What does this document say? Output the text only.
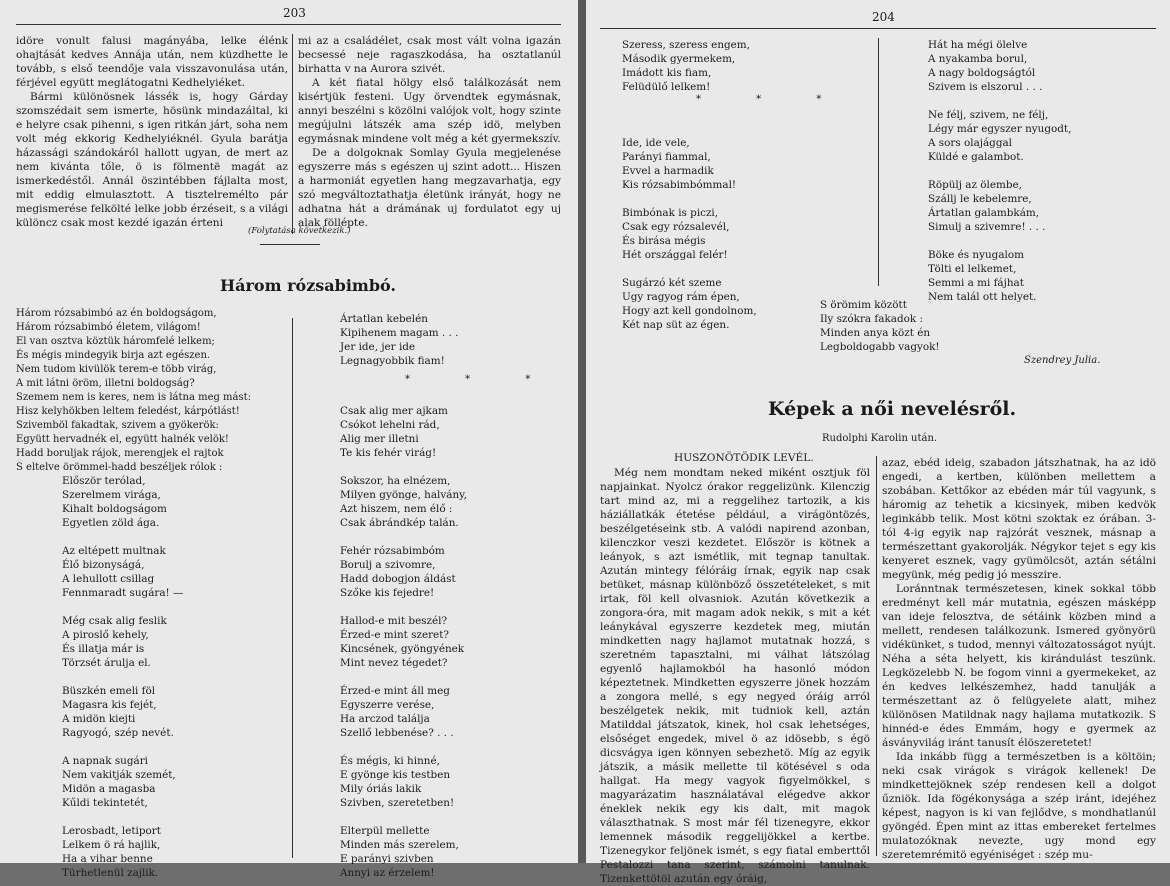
203

idöre vonult falusi magányába, lelke élénk ohajtását kedves Annája után, nem küzdhette le tovább, s első teendője vala visszavonulása után, férjével együtt meglátogatni Kedhelyiéket.

Bármi különösnek lássék is, hogy Gárday szomszédait sem ismerte, hösünk mindazáltal, ki e helyre csak pihenni, s igen ritkán járt, soha nem volt még ekkorig Kedhelyiéknél. Gyula barátja házassági szándokáról hallott ugyan, de mert az nem kivánta tőle, ö is fölmentë magát az ismerkedéstől. Annál öszintébben fájlalta most, mit eddig elmulasztott. A tisztelremélto pár megismerése felkölté lelke jobb érzéseit, s a világi különcz csak most kezdé igazán érteni

mi az a családélet, csak most vált volna igazán becsessé neje ragaszkodása, ha osztatlanúl birhatta v na Aurora szivét.

A két fiatal hölgy első találkozását nem kisértjük festeni. Ugy örvendtek egymásnak, annyi beszélni s közölni valójok volt, hogy szinte megújulni látszék ama szép idö, melyben egymásnak mindene volt még a két gyermekszív.

De a dolgoknak Somlay Gyula megjelenése egyszerre más s egészen uj szint adott... Hiszen a harmoniát egyetlen hang megzavarhatja, egy szó megváltoztathatja életünk irányát, hogy ne adhatna hát a drámának uj fordulatot egy uj alak föllépte.

(Folytatása következik.)
Három rózsabimbó.
Három rózsabimbó az én boldogságom,
Három rózsabimbó életem, világom!
El van osztva köztük háromfelé lelkem;
És mégis mindegyik birja azt egészen.
Nem tudom kivülök terem-e több virág,
A mit látni öröm, illetni boldogság?
Szemem nem is keres, nem is látna meg mást:
Hisz kelyhökben leltem feledést, kárpótlást!
Szivemböl fakadtak, szivem a gyökerök:
Együtt hervadnék el, együtt halnék velök!
Hadd boruljak rájok, merengjek el rajtok
S eltelve örömmel-hadd beszéljek rólok :
Először terólad,
Szerelmem virága,
Kihalt boldogságom
Egyetlen zöld ága.

Az eltépett multnak
Élő bizonyságá,
A lehullott csillag
Fennmaradt sugára! —

Még csak alig feslik
A piroslő kehely,
És illatja már is
Törzsét árulja el.

Büszkén emeli föl
Magasra kis fejét,
A midön kiejti
Ragyogó, szép nevét.

A napnak sugári
Nem vakitják szemét,
Midön a magasba
Kűldi tekintetét,

Lerosbadt, letiport
Lelkem ö rá hajlik,
Ha a vihar benne
Türhetlenül zajlik.
Ártatlan kebelén
Kipihenem magam . . .
Jer ide, jer ide
Legnagyobbik fiam!
* * *
Csak alig mer ajkam
Csókot lehelni rád,
Alig mer illetni
Te kis fehér virág!

Sokszor, ha elnézem,
Milyen gyönge, halvány,
Azt hiszem, nem élő :
Csak ábrándkép talán.

Fehér rózsabimbóm
Borulj a szivomre,
Hadd dobogjon áldást
Szőke kis fejedre!

Hallod-e mit beszél?
Érzed-e mint szeret?
Kincsének, gyöngyének
Mint nevez tégedet?

Érzed-e mint áll meg
Egyszerre verése,
Ha arczod találja
Szellő lebbenése? . . .

És mégis, ki hinné,
E gyönge kis testben
Mily óriás lakik
Szivben, szeretetben!

Elterpül mellette
Minden más szerelem,
E parányi szivben
Annyi az érzelem!
204
Szeress, szeress engem,
Második gyermekem,
Imádott kis fiam,
Felüdülő lelkem!

Ide, ide vele,
Parányi fiammal,
Evvel a harmadik
Kis rózsabimbómmal!

Bimbónak is piczi,
Csak egy rózsalevél,
És birása mégis
Hét országgal felér!

Sugárzó két szeme
Ugy ragyog rám épen,
Hogy azt kell gondolnom,
Két nap süt az égen.
* * *
Hát ha mégi ölelve
A nyakamba borul,
A nagy boldogságtól
Szivem is elszorul . . .

Ne félj, szivem, ne félj,
Légy már egyszer nyugodt,
A sors olajággal
Küldé e galambot.

Röpülj az ölembe,
Szállj le kebelemre,
Ártatlan galambkám,
Simulj a szivemre! . . .

Böke és nyugalom
Tölti el lelkemet,
Semmi a mi fájhat
Nem talál ott helyet.
S örömim között
Ily szókra fakadok :
Minden anya közt én
Legboldogabb vagyok!
Szendrey Julia.
Képek a női nevelésről.
Rudolphi Karolin után.
HUSZONÖTÖDIK LEVÉL.

Még nem mondtam neked miként osztjuk föl napjainkat. Nyolcz órakor reggelizünk. Kilenczig tart mind az, mi a reggelihez tartozik, a kis háziállatkák étetése például, a virágöntözés, beszélgetéseink stb. A valódi napirend azonban, kilenczkor veszi kezdetet. Először is kötnek a leányok, s azt ismétlik, mit tegnap tanultak. Azután mintegy félóráig írnak, egyik nap csak betüket, másnap különböző összetételeket, s mit irtak, föl kell olvasniok. Azután következik a zongora-óra, mit magam adok nekik, s mit a két leánykával egyszerre kezdetek meg, miután mindketten nagy hajlamot mutatnak hozzá, s szeretném tapasztalni, mi válhat látszólag egyenlő hajlamokból ha hasonló módon képeztetnek. Mindketten egyszerre jönek hozzám a zongora mellé, s egy negyed óráig arról beszélgetek nekik, mit tudniok kell, aztán Matilddal játszatok, kinek, hol csak lehetséges, elsőséget engedek, mivel ö az idösebb, s égö dicsvágya igen könnyen sebezhetö. Míg az egyik játszik, a másik mellette til kötésével s oda hallgat. Ha megy vagyok figyelmökkel, s magyarázatim használatával elégedve akkor éneklek nekik egy kis dalt, mit magok választhatnak. S most már fél tizenegyre, ekkor lemennek második reggelijökkel a kertbe. Tizenegykor feljönek ismét, s egy fiatal emberttől Pestalozzi tana szerint, számolni tanulnak. Tizenkettötöl azután egy óráig,

azaz, ebéd ideig, szabadon játszhatnak, ha az idö engedi, a kertben, különben mellettem a szobában. Kettőkor az ebéden már túl vagyunk, s háromig az tehetik a kicsinyek, miben kedvök leginkább telik. Most kötni szoktak ez órában. 3-tól 4-ig egyik nap rajzórát vesznek, másnap a természettant gyakorolják. Négykor tejet s egy kis kenyeret esznek, vagy gyümölcsöt, aztán sétálni megyünk, még pedig jó messzire.

Loránntnak természetesen, kinek sokkal több eredményt kell már mutatnia, egészen másképp van ideje felosztva, de sétáink közben mind a mellett, rendesen találkozunk. Ismered gyönyörü vidékünket, s tudod, mennyi változatosságot nyújt. Néha a séta helyett, kis kirándulást teszünk. Legközelebb N. be fogom vinni a gyermekeket, az én kedves lelkészemhez, hadd tanulják a természettant az ö felügyelete alatt, mihez különösen Matildnak nagy hajlama mutatkozik. S hinnéd-e édes Emmám, hogy e gyermek az ásványvilág iránt tanusít élöszeretetet!

Ida inkább függ a természetben is a költöin; neki csak virágok s virágok kellenek! De mindkettejöknek szép rendesen kell a dolgot űzniök. Ida fögékonysága a szép iránt, idejéhez képest, nagyon is ki van fejlődve, s mondhatlanúl gyöngéd. Épen mint az ittas embereket fertelmes mulatozóknak nevezte, ugy mond egy szeretemrémitö egyéniséget : szép mu-
